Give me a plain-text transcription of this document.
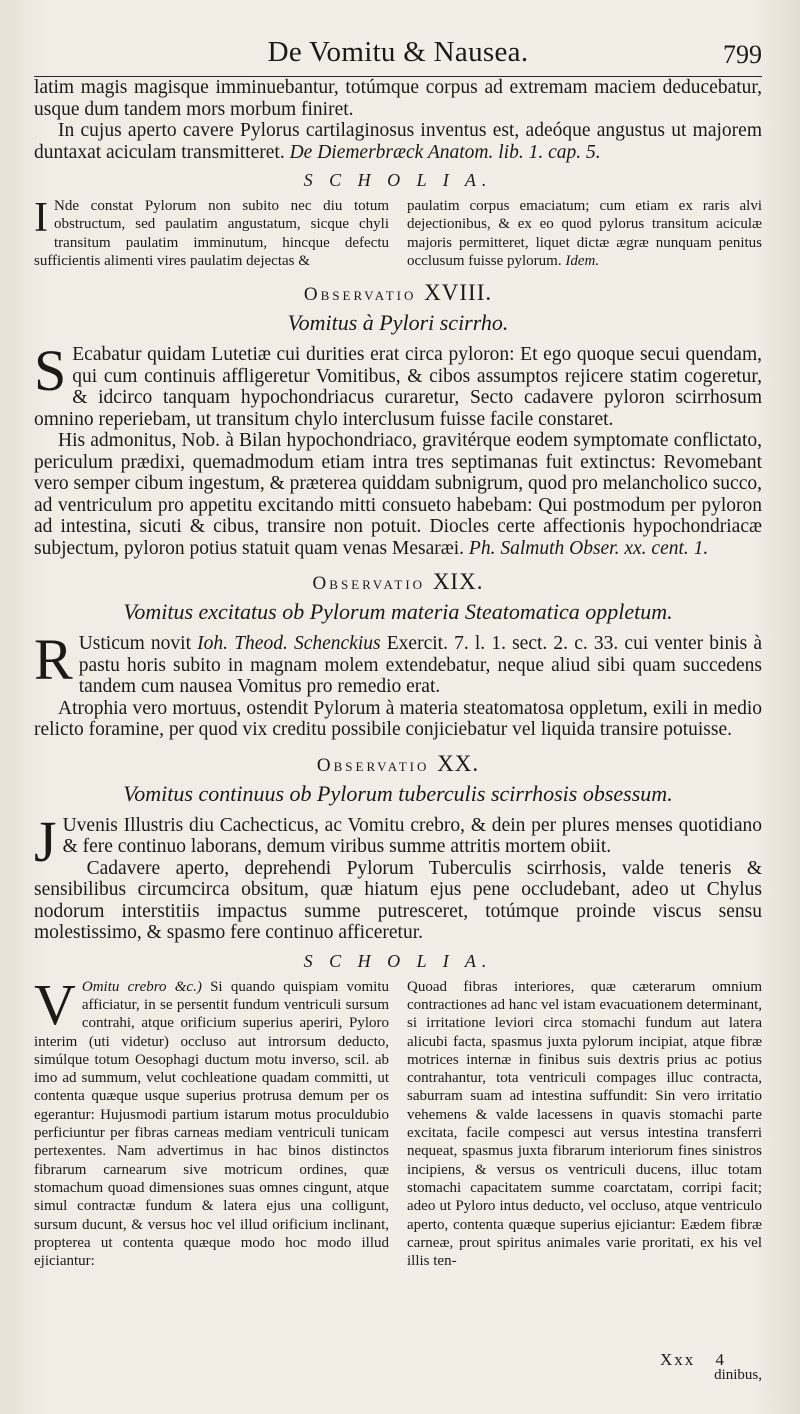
De Vomitu & Nausea.	799

latim magis magisque imminuebantur, totúmque corpus ad extremam maciem deducebatur, usque dum tandem mors morbum finiret.

In cujus aperto cavere Pylorus cartilaginosus inventus est, adeóque angustus ut majorem duntaxat aciculam transmitteret. De Diemerbræck Anatom. lib. 1. cap. 5.

S C H O L I A.
I Nde constat Pylorum non subito nec diu totum obstructum, sed paulatim angustatum, sicque chyli transitum paulatim imminutum, hincque defectu sufficientis alimenti vires paulatim dejectas &
paulatim corpus emaciatum; cum etiam ex raris alvi dejectionibus, & ex eo quod pylorus transitum aciculæ majoris permitteret, liquet dictæ ægræ nunquam penitus occlusum fuisse pylorum. Idem.
Observatio XVIII.
Vomitus à Pylori scirrho.

S Ecabatur quidam Lutetiæ cui durities erat circa pyloron: Et ego quoque secui quendam, qui cum continuis affligeretur Vomitibus, & cibos assumptos rejicere statim cogeretur, & idcirco tanquam hypochondriacus curaretur, Secto cadavere pyloron scirrhosum omnino reperiebam, ut transitum chylo interclusum fuisse facile constaret.

His admonitus, Nob. à Bilan hypochondriaco, gravitérque eodem symptomate conflictato, periculum prædixi, quemadmodum etiam intra tres septimanas fuit extinctus: Revomebant vero semper cibum ingestum, & præterea quiddam subnigrum, quod pro melancholico succo, ad ventriculum pro appetitu excitando mitti consueto habebam: Qui postmodum per pyloron ad intestina, sicuti & cibus, transire non potuit. Diocles certe affectionis hypochondriacæ subjectum, pyloron potius statuit quam venas Mesaræi. Ph. Salmuth Obser. xx. cent. 1.

Observatio XIX.
Vomitus excitatus ob Pylorum materia Steatomatica oppletum.

R Usticum novit Ioh. Theod. Schenckius Exercit. 7. l. 1. sect. 2. c. 33. cui venter binis à pastu horis subito in magnam molem extendebatur, neque aliud sibi quam succedens tandem cum nausea Vomitus pro remedio erat.

Atrophia vero mortuus, ostendit Pylorum à materia steatomatosa oppletum, exili in medio relicto foramine, per quod vix creditu possibile conjiciebatur vel liquida transire potuisse.

Observatio XX.
Vomitus continuus ob Pylorum tuberculis scirrhosis obsessum.

J Uvenis Illustris diu Cachecticus, ac Vomitu crebro, & dein per plures menses quotidiano & fere continuo laborans, demum viribus summe attritis mortem obiit.

Cadavere aperto, deprehendi Pylorum Tuberculis scirrhosis, valde teneris & sensibilibus circumcirca obsitum, quæ hiatum ejus pene occludebant, adeo ut Chylus nodorum interstitiis impactus summe putresceret, totúmque proinde viscus sensu molestissimo, & spasmo fere continuo afficeretur.

S C H O L I A.
V Omitu crebro &c.) Si quando quispiam vomitu afficiatur, in se persentit fundum ventriculi sursum contrahi, atque orificium superius aperiri, Pyloro interim (uti videtur) occluso aut introrsum deducto, simúlque totum Oesophagi ductum motu inverso, scil. ab imo ad summum, velut cochleatione quadam committi, ut contenta quæque usque superius protrusa demum per os egerantur: Hujusmodi partium istarum motus proculdubio perficiuntur per fibras carneas mediam ventriculi tunicam pertexentes. Nam advertimus in hac binos distinctos fibrarum carnearum sive motricum ordines, quæ stomachum quoad dimensiones suas omnes cingunt, atque simul contractæ fundum & latera ejus una colligunt, sursum ducunt, & versus hoc vel illud orificium inclinant, propterea ut contenta quæque modo hoc modo illud ejiciantur:
Quoad fibras interiores, quæ cæterarum omnium contractiones ad hanc vel istam evacuationem determinant, si irritatione leviori circa stomachi fundum aut latera alicubi facta, spasmus juxta pylorum incipiat, atque fibræ motrices internæ in finibus suis dextris prius ac potius contrahantur, tota ventriculi compages illuc contracta, saburram suam ad intestina suffundit: Sin vero irritatio vehemens & valde lacessens in quavis stomachi parte excitata, facile compesci aut versus intestina transferri nequeat, spasmus juxta fibrarum interiorum fines sinistros incipiens, & versus os ventriculi ducens, illuc totam stomachi capacitatem summe coarctatam, corripi facit; adeo ut Pyloro intus deducto, vel occluso, atque ventriculo aperto, contenta quæque superius ejiciantur: Eædem fibræ carneæ, prout spiritus animales varie proritati, ex his vel illis ten-
Xxx 4
dinibus,
